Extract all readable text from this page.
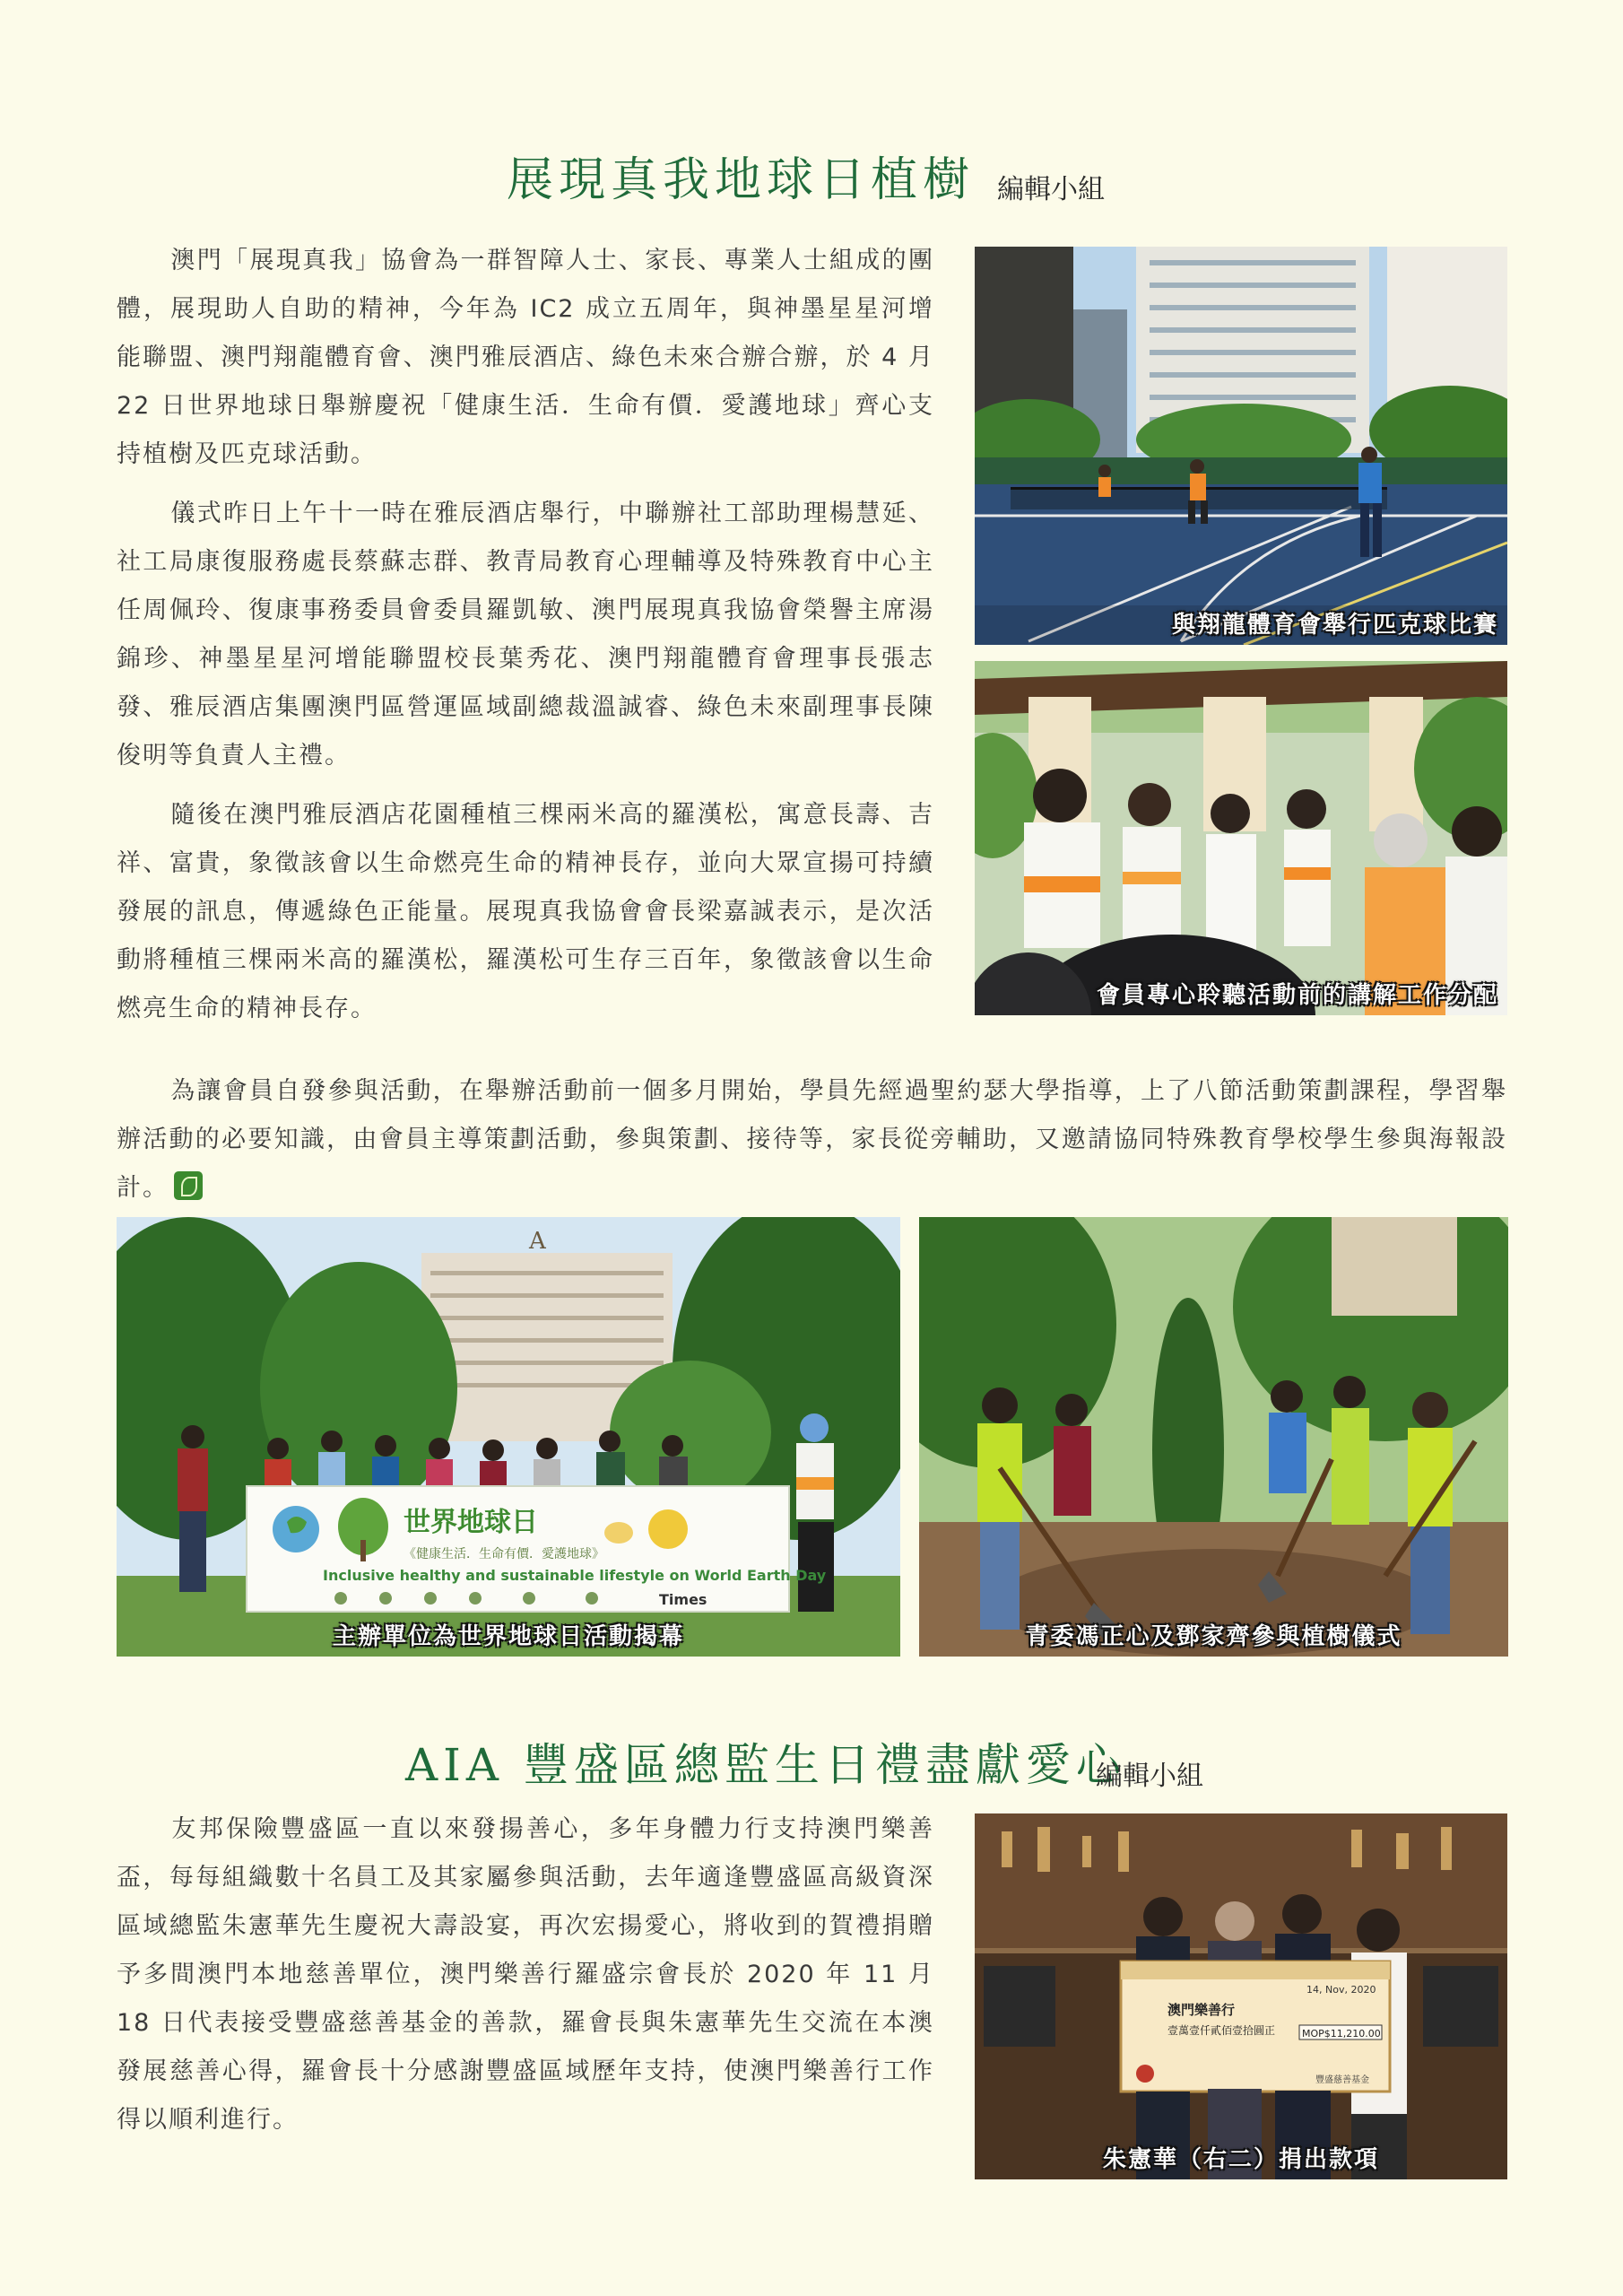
展現真我地球日植樹 編輯小組

澳門「展現真我」協會為一群智障人士、家長、專業人士組成的團體，展現助人自助的精神，今年為 IC2 成立五周年，與神墨星星河增能聯盟、澳門翔龍體育會、澳門雅辰酒店、綠色未來合辦合辦，於 4 月 22 日世界地球日舉辦慶祝「健康生活．生命有價．愛護地球」齊心支持植樹及匹克球活動。

儀式昨日上午十一時在雅辰酒店舉行，中聯辦社工部助理楊慧延、社工局康復服務處長蔡蘇志群、教青局教育心理輔導及特殊教育中心主任周佩玲、復康事務委員會委員羅凱敏、澳門展現真我協會榮譽主席湯錦珍、神墨星星河增能聯盟校長葉秀花、澳門翔龍體育會理事長張志發、雅辰酒店集團澳門區營運區域副總裁溫誠睿、綠色未來副理事長陳俊明等負責人主禮。

隨後在澳門雅辰酒店花園種植三棵兩米高的羅漢松，寓意長壽、吉祥、富貴，象徵該會以生命燃亮生命的精神長存，並向大眾宣揚可持續發展的訊息，傳遞綠色正能量。展現真我協會會長梁嘉誠表示，是次活動將種植三棵兩米高的羅漢松，羅漢松可生存三百年，象徵該會以生命燃亮生命的精神長存。

與翔龍體育會舉行匹克球比賽
會員專心聆聽活動前的講解工作分配

為讓會員自發參與活動，在舉辦活動前一個多月開始，學員先經過聖約瑟大學指導，上了八節活動策劃課程，學習舉辦活動的必要知識，由會員主導策劃活動，參與策劃、接待等，家長從旁輔助，又邀請協同特殊教育學校學生參與海報設計。

A
世界地球日
《健康生活．生命有價．愛護地球》
Inclusive healthy and sustainable lifestyle on World Earth Day
Times
主辦單位為世界地球日活動揭幕	青委馮正心及鄧家齊參與植樹儀式
AIA 豐盛區總監生日禮盡獻愛心
編輯小組

友邦保險豐盛區一直以來發揚善心，多年身體力行支持澳門樂善盃，每每組織數十名員工及其家屬參與活動，去年適逢豐盛區高級資深區域總監朱憲華先生慶祝大壽設宴，再次宏揚愛心，將收到的賀禮捐贈予多間澳門本地慈善單位，澳門樂善行羅盛宗會長於 2020 年 11 月 18 日代表接受豐盛慈善基金的善款，羅會長與朱憲華先生交流在本澳發展慈善心得，羅會長十分感謝豐盛區域歷年支持，使澳門樂善行工作得以順利進行。

14, Nov, 2020
澳門樂善行
壹萬壹仟貳佰壹拾圓正	MOP$11,210.00
豐盛慈善基金
朱憲華（右二）捐出款項
